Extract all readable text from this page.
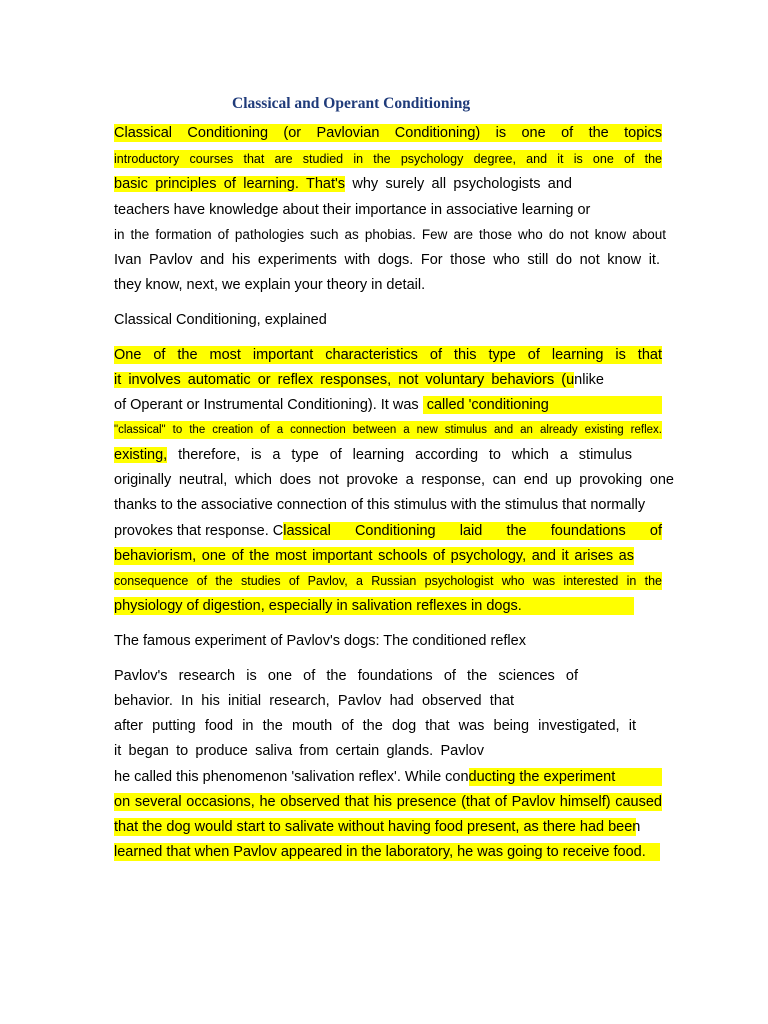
Classical and Operant Conditioning
Classical Conditioning (or Pavlovian Conditioning) is one of the topics
introductory courses that are studied in the psychology degree, and it is one of the
basic principles of learning. That's why surely all psychologists and
teachers have knowledge about their importance in associative learning or
in the formation of pathologies such as phobias. Few are those who do not know about
Ivan Pavlov and his experiments with dogs. For those who still do not know it.
they know, next, we explain your theory in detail.
Classical Conditioning, explained
One of the most important characteristics of this type of learning is that
it involves automatic or reflex responses, not voluntary behaviors (unlike
of Operant or Instrumental Conditioning). It was called 'conditioning
"classical" to the creation of a connection between a new stimulus and an already existing reflex.
existing, therefore, is a type of learning according to which a stimulus
originally neutral, which does not provoke a response, can end up provoking one
thanks to the associative connection of this stimulus with the stimulus that normally
provokes that response. C lassical Conditioning laid the foundations of
behaviorism, one of the most important schools of psychology, and it arises as
consequence of the studies of Pavlov, a Russian psychologist who was interested in the
physiology of digestion, especially in salivation reflexes in dogs.
The famous experiment of Pavlov's dogs: The conditioned reflex
Pavlov's research is one of the foundations of the sciences of
behavior. In his initial research, Pavlov had observed that
after putting food in the mouth of the dog that was being investigated, it
it began to produce saliva from certain glands. Pavlov
he called this phenomenon 'salivation reflex'. While con ducting the experiment
on several occasions, he observed that his presence (that of Pavlov himself) caused
that the dog would start to salivate without having food present, as there had been
learned that when Pavlov appeared in the laboratory, he was going to receive food.
